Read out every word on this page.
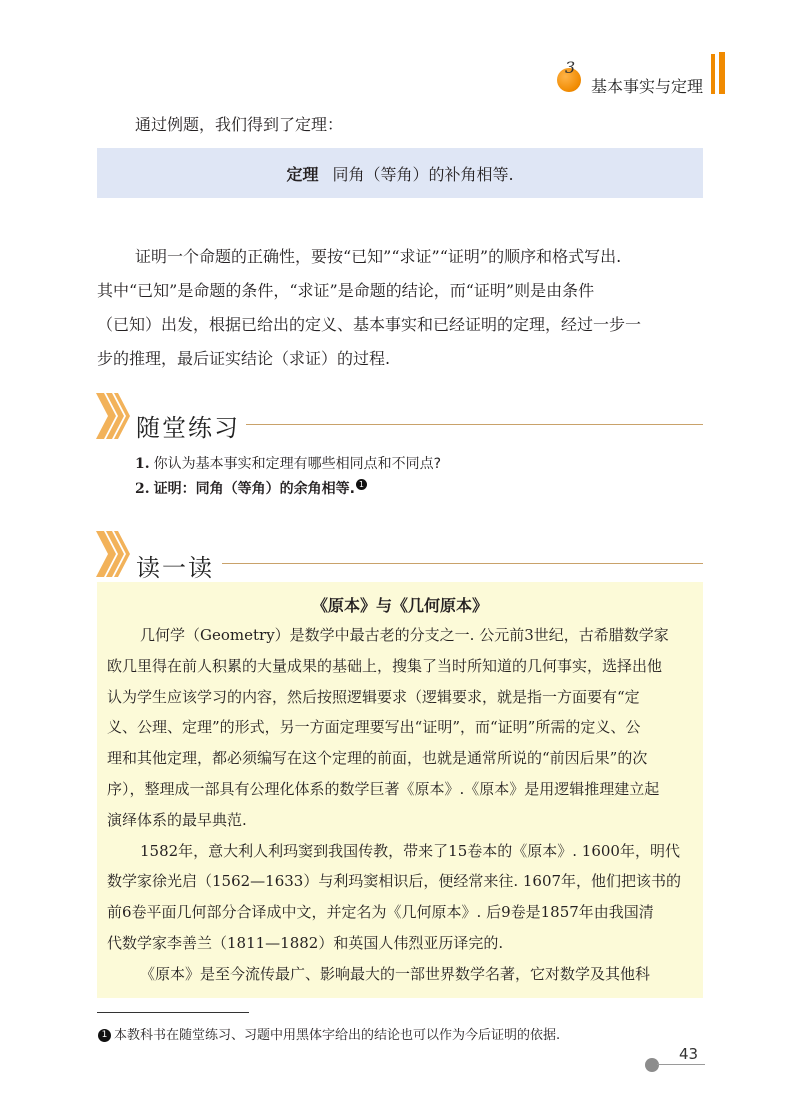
3
基本事实与定理

通过例题，我们得到了定理：

定理 同角（等角）的补角相等.

证明一个命题的正确性，要按“已知”“求证”“证明”的顺序和格式写出.

其中“已知”是命题的条件，“求证”是命题的结论，而“证明”则是由条件

（已知）出发，根据已给出的定义、基本事实和已经证明的定理，经过一步一

步的推理，最后证实结论（求证）的过程.

随堂练习
1. 你认为基本事实和定理有哪些相同点和不同点?
2. 证明：同角（等角）的余角相等. 1
读一读
《原本》与《几何原本》

几何学（Geometry）是数学中最古老的分支之一. 公元前3世纪，古希腊数学家

欧几里得在前人积累的大量成果的基础上，搜集了当时所知道的几何事实，选择出他

认为学生应该学习的内容，然后按照逻辑要求（逻辑要求，就是指一方面要有“定

义、公理、定理”的形式，另一方面定理要写出“证明”，而“证明”所需的定义、公

理和其他定理，都必须编写在这个定理的前面，也就是通常所说的“前因后果”的次

序），整理成一部具有公理化体系的数学巨著《原本》.《原本》是用逻辑推理建立起

演绎体系的最早典范.

1582年，意大利人利玛窦到我国传教，带来了15卷本的《原本》. 1600年，明代

数学家徐光启（1562—1633）与利玛窦相识后，便经常来往. 1607年，他们把该书的

前6卷平面几何部分合译成中文，并定名为《几何原本》. 后9卷是1857年由我国清

代数学家李善兰（1811—1882）和英国人伟烈亚历译完的.

《原本》是至今流传最广、影响最大的一部世界数学名著，它对数学及其他科

1 本教科书在随堂练习、习题中用黑体字给出的结论也可以作为今后证明的依据.
43
